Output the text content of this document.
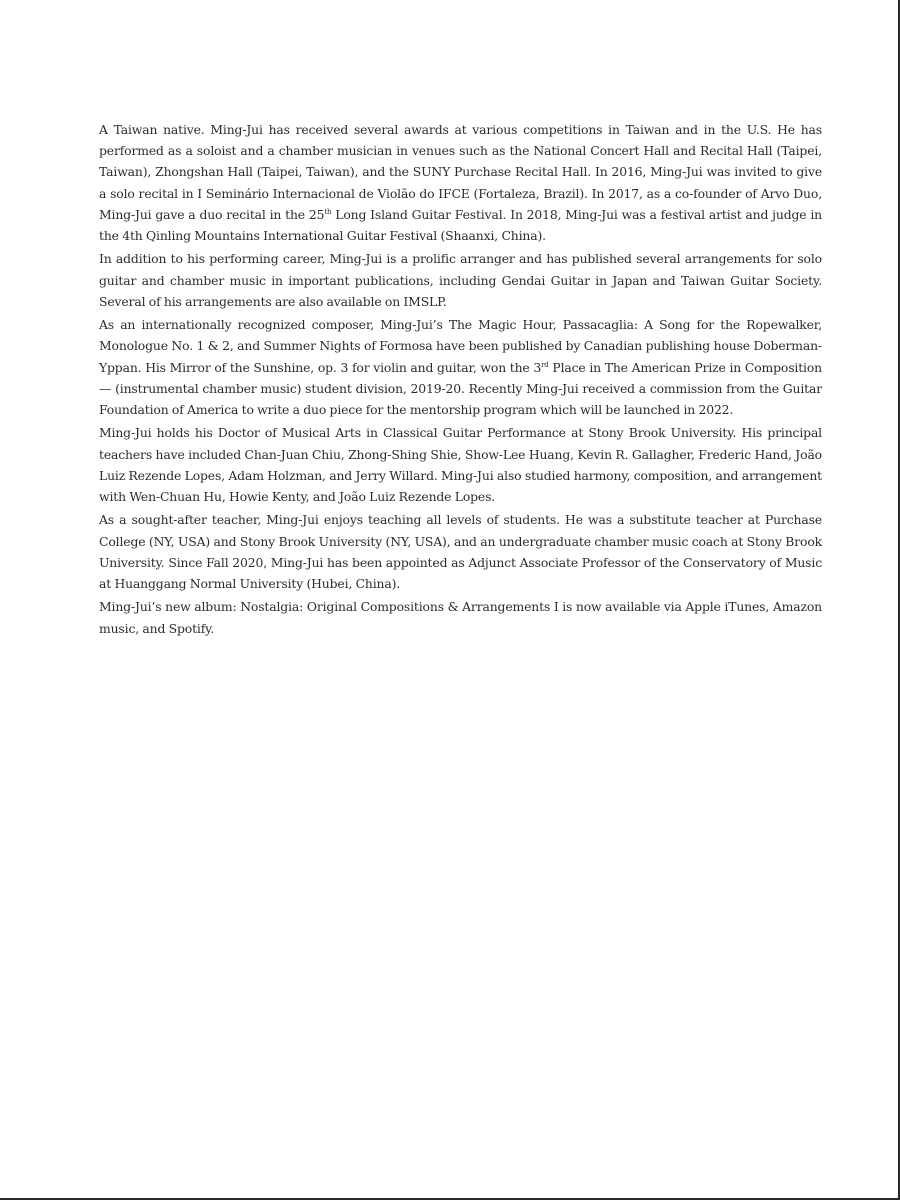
A Taiwan native. Ming-Jui has received several awards at various competitions in Taiwan and in the U.S. He has performed as a soloist and a chamber musician in venues such as the National Concert Hall and Recital Hall (Taipei, Taiwan), Zhongshan Hall (Taipei, Taiwan), and the SUNY Purchase Recital Hall. In 2016, Ming-Jui was invited to give a solo recital in I Seminário Internacional de Violão do IFCE (Fortaleza, Brazil). In 2017, as a co-founder of Arvo Duo, Ming-Jui gave a duo recital in the 25th Long Island Guitar Festival. In 2018, Ming-Jui was a festival artist and judge in the 4th Qinling Mountains International Guitar Festival (Shaanxi, China).

In addition to his performing career, Ming-Jui is a prolific arranger and has published several arrangements for solo guitar and chamber music in important publications, including Gendai Guitar in Japan and Taiwan Guitar Society. Several of his arrangements are also available on IMSLP.

As an internationally recognized composer, Ming-Jui’s The Magic Hour, Passacaglia: A Song for the Ropewalker, Monologue No. 1 & 2, and Summer Nights of Formosa have been published by Canadian publishing house Doberman-Yppan. His Mirror of the Sunshine, op. 3 for violin and guitar, won the 3rd Place in The American Prize in Composition — (instrumental chamber music) student division, 2019-20. Recently Ming-Jui received a commission from the Guitar Foundation of America to write a duo piece for the mentorship program which will be launched in 2022.

Ming-Jui holds his Doctor of Musical Arts in Classical Guitar Performance at Stony Brook University. His principal teachers have included Chan-Juan Chiu, Zhong-Shing Shie, Show-Lee Huang, Kevin R. Gallagher, Frederic Hand, João Luiz Rezende Lopes, Adam Holzman, and Jerry Willard. Ming-Jui also studied harmony, composition, and arrangement with Wen-Chuan Hu, Howie Kenty, and João Luiz Rezende Lopes.

As a sought-after teacher, Ming-Jui enjoys teaching all levels of students. He was a substitute teacher at Purchase College (NY, USA) and Stony Brook University (NY, USA), and an undergraduate chamber music coach at Stony Brook University. Since Fall 2020, Ming-Jui has been appointed as Adjunct Associate Professor of the Conservatory of Music at Huanggang Normal University (Hubei, China).

Ming-Jui’s new album: Nostalgia: Original Compositions & Arrangements I is now available via Apple iTunes, Amazon music, and Spotify.
